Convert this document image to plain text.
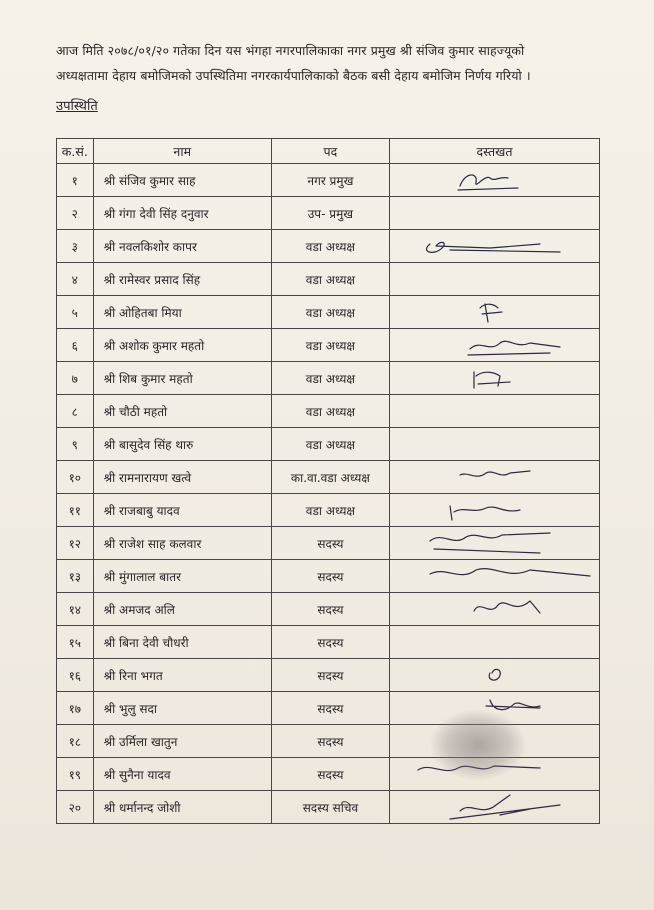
आज मिति २०७८/०१/२० गतेका दिन यस भंगहा नगरपालिकाका नगर प्रमुख श्री संजिव कुमार साहज्यूको

अध्यक्षतामा देहाय बमोजिमको उपस्थितिमा नगरकार्यपालिकाको बैठक बसी देहाय बमोजिम निर्णय गरियो ।

उपस्थिति
क.सं.	नाम	पद	दस्तखत
१	श्री संजिव कुमार साह	नगर प्रमुख	

२	श्री गंगा देवी सिंह दनुवार	उप- प्रमुख	
३	श्री नवलकिशोर कापर	वडा अध्यक्ष	

४	श्री रामेस्वर प्रसाद सिंह	वडा अध्यक्ष	
५	श्री ओहितबा मिया	वडा अध्यक्ष	

६	श्री अशोक कुमार महतो	वडा अध्यक्ष	

७	श्री शिब कुमार महतो	वडा अध्यक्ष	

८	श्री चौठी महतो	वडा अध्यक्ष	
९	श्री बासुदेव सिंह थारु	वडा अध्यक्ष	
१०	श्री रामनारायण खत्वे	का.वा.वडा अध्यक्ष	

११	श्री राजबाबु यादव	वडा अध्यक्ष	

१२	श्री राजेश साह कलवार	सदस्य	

१३	श्री मुंगालाल बातर	सदस्य	

१४	श्री अमजद अलि	सदस्य	

१५	श्री बिना देवी चौधरी	सदस्य	
१६	श्री रिना भगत	सदस्य	

१७	श्री भुलु सदा	सदस्य	

१८	श्री उर्मिला खातुन	सदस्य	
१९	श्री सुनैना यादव	सदस्य	

२०	श्री धर्मानन्द जोशी	सदस्य सचिव	
